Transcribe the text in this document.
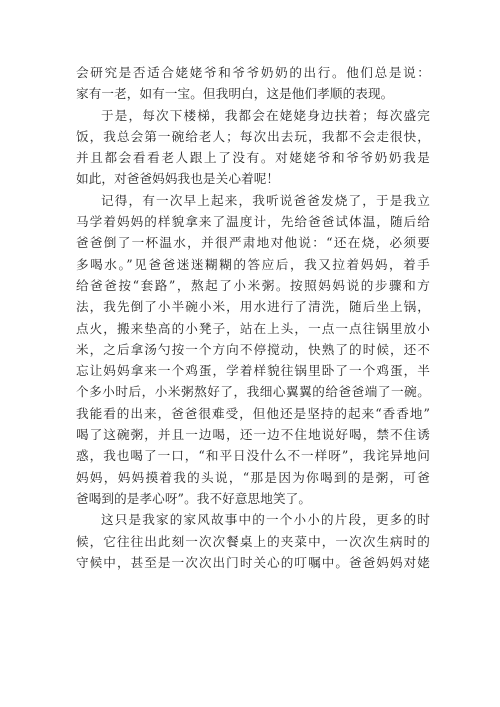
会研究是否适合姥姥爷和爷爷奶奶的出行。他们总是说：
家有一老，如有一宝。但我明白，这是他们孝顺的表现。
于是，每次下楼梯，我都会在姥姥身边扶着；每次盛完
饭，我总会第一碗给老人；每次出去玩，我都不会走很快，
并且都会看看老人跟上了没有。对姥姥爷和爷爷奶奶我是
如此，对爸爸妈妈我也是关心着呢！
记得，有一次早上起来，我听说爸爸发烧了，于是我立
马学着妈妈的样貌拿来了温度计，先给爸爸试体温，随后给
爸爸倒了一杯温水，并很严肃地对他说：“还在烧，必须要
多喝水。”见爸爸迷迷糊糊的答应后，我又拉着妈妈，着手
给爸爸按“套路”，熬起了小米粥。按照妈妈说的步骤和方
法，我先倒了小半碗小米，用水进行了清洗，随后坐上锅，
点火，搬来垫高的小凳子，站在上头，一点一点往锅里放小
米，之后拿汤勺按一个方向不停搅动，快熟了的时候，还不
忘让妈妈拿来一个鸡蛋，学着样貌往锅里卧了一个鸡蛋，半
个多小时后，小米粥熬好了，我细心翼翼的给爸爸端了一碗。
我能看的出来，爸爸很难受，但他还是坚持的起来“香香地”
喝了这碗粥，并且一边喝，还一边不住地说好喝，禁不住诱
惑，我也喝了一口，“和平日没什么不一样呀”，我诧异地问
妈妈，妈妈摸着我的头说，“那是因为你喝到的是粥，可爸
爸喝到的是孝心呀”。我不好意思地笑了。
这只是我家的家风故事中的一个小小的片段，更多的时
候，它往往出此刻一次次餐桌上的夹菜中，一次次生病时的
守候中，甚至是一次次出门时关心的叮嘱中。爸爸妈妈对姥
